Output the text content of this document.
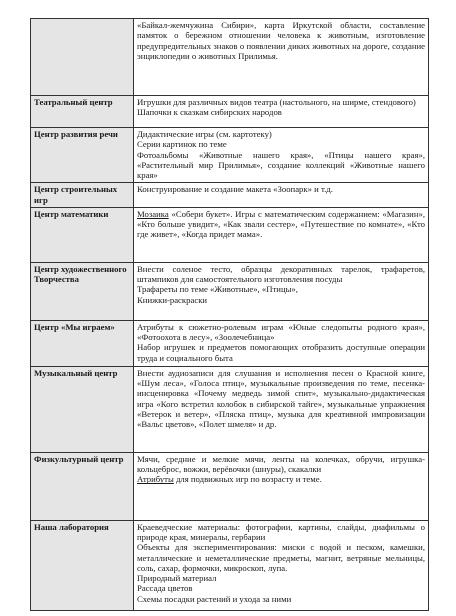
	«Байкал-жемчужина Сибири», карта Иркутской области, составление памяток о бережном отношении человека к животным, изготовление предупредительных знаков о появлении диких животных на дороге, создание энциклопедии о животных Прилимья.

Театральный центр	Игрушки для различных видов театра (настольного, на ширме, стендового)

Шапочки к сказкам сибирских народов

Центр развития речи	Дидактические игры (см. картотеку)

Серии картинок по теме

Фотоальбомы «Животные нашего края», «Птицы нашего края», «Растительный мир Прилимья», создание коллекций «Животные нашего края»

Центр строительных игр	Конструирование и создание макета «Зоопарк» и т.д.

Центр математики	Мозаика «Собери букет». Игры с математическим содержанием: «Магазин», «Кто больше увидит», «Как звали сестер», «Путешествие по комнате», «Кто где живет», «Когда придет мама».

Центр художественного Творчества	Внести соленое тесто, образцы декоративных тарелок, трафаретов, штампиков для самостоятельного изготовления посуды

Трафареты по теме «Животные», «Птицы»,

Книжки-раскраски

Центр «Мы играем»	Атрибуты к сюжетно-ролевым играм «Юные следопыты родного края», «Фотоохота в лесу», «Зоолечебница»

Набор игрушек и предметов помогающих отобразить доступные операции труда и социального быта

Музыкальный центр	Внести аудиозаписи для слушания и исполнения песен о Красной книге, «Шум леса», «Голоса птиц», музыкальные произведения по теме, песенка-инсценировка «Почему медведь зимой спит», музыкально-дидактическая игра «Кого встретил колобок в сибирской тайге», музыкальные упражнения «Ветерок и ветер», «Пляска птиц», музыка для креативной импровизации «Вальс цветов», «Полет шмеля» и др.

Физкультурный центр	Мячи, средние и мелкие мячи, ленты на колечках, обручи, игрушка-кольцеброс, вожжи, верёвочки (шнуры), скакалки

Атрибуты для подвижных игр по возрасту и теме.

Наша лаборатория	Краеведческие материалы: фотографии, картины, слайды, диафильмы о природе края, минералы, гербарии

Объекты для экспериментирования: миски с водой и песком, камешки, металлические и неметаллические предметы, магнит, ветряные мельницы, соль, сахар, формочки, микроскоп, лупа.

Природный материал

Рассада цветов

Схемы посадки растений и ухода за ними
